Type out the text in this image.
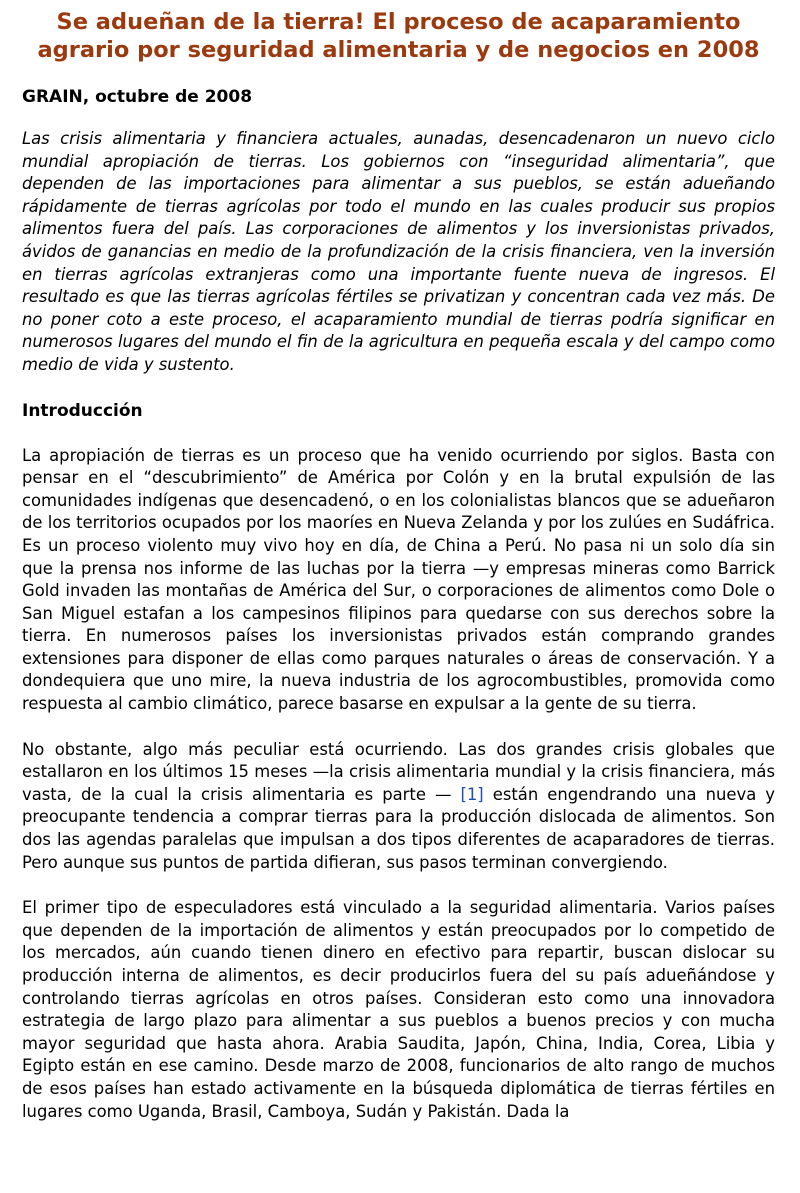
Se adueñan de la tierra! El proceso de acaparamiento agrario por seguridad alimentaria y de negocios en 2008
GRAIN, octubre de 2008

Las crisis alimentaria y financiera actuales, aunadas, desencadenaron un nuevo ciclo mundial apropiación de tierras. Los gobiernos con “inseguridad alimentaria”, que dependen de las importaciones para alimentar a sus pueblos, se están adueñando rápidamente de tierras agrícolas por todo el mundo en las cuales producir sus propios alimentos fuera del país. Las corporaciones de alimentos y los inversionistas privados, ávidos de ganancias en medio de la profundización de la crisis financiera, ven la inversión en tierras agrícolas extranjeras como una importante fuente nueva de ingresos. El resultado es que las tierras agrícolas fértiles se privatizan y concentran cada vez más. De no poner coto a este proceso, el acaparamiento mundial de tierras podría significar en numerosos lugares del mundo el fin de la agricultura en pequeña escala y del campo como medio de vida y sustento.

Introducción

La apropiación de tierras es un proceso que ha venido ocurriendo por siglos. Basta con pensar en el “descubrimiento” de América por Colón y en la brutal expulsión de las comunidades indígenas que desencadenó, o en los colonialistas blancos que se adueñaron de los territorios ocupados por los maoríes en Nueva Zelanda y por los zulúes en Sudáfrica. Es un proceso violento muy vivo hoy en día, de China a Perú. No pasa ni un solo día sin que la prensa nos informe de las luchas por la tierra —y empresas mineras como Barrick Gold invaden las montañas de América del Sur, o corporaciones de alimentos como Dole o San Miguel estafan a los campesinos filipinos para quedarse con sus derechos sobre la tierra. En numerosos países los inversionistas privados están comprando grandes extensiones para disponer de ellas como parques naturales o áreas de conservación. Y a dondequiera que uno mire, la nueva industria de los agrocombustibles, promovida como respuesta al cambio climático, parece basarse en expulsar a la gente de su tierra.

No obstante, algo más peculiar está ocurriendo. Las dos grandes crisis globales que estallaron en los últimos 15 meses —la crisis alimentaria mundial y la crisis financiera, más vasta, de la cual la crisis alimentaria es parte — [1] están engendrando una nueva y preocupante tendencia a comprar tierras para la producción dislocada de alimentos. Son dos las agendas paralelas que impulsan a dos tipos diferentes de acaparadores de tierras. Pero aunque sus puntos de partida difieran, sus pasos terminan convergiendo.

El primer tipo de especuladores está vinculado a la seguridad alimentaria. Varios países que dependen de la importación de alimentos y están preocupados por lo competido de los mercados, aún cuando tienen dinero en efectivo para repartir, buscan dislocar su producción interna de alimentos, es decir producirlos fuera del su país adueñándose y controlando tierras agrícolas en otros países. Consideran esto como una innovadora estrategia de largo plazo para alimentar a sus pueblos a buenos precios y con mucha mayor seguridad que hasta ahora. Arabia Saudita, Japón, China, India, Corea, Libia y Egipto están en ese camino. Desde marzo de 2008, funcionarios de alto rango de muchos de esos países han estado activamente en la búsqueda diplomática de tierras fértiles en lugares como Uganda, Brasil, Camboya, Sudán y Pakistán. Dada la
